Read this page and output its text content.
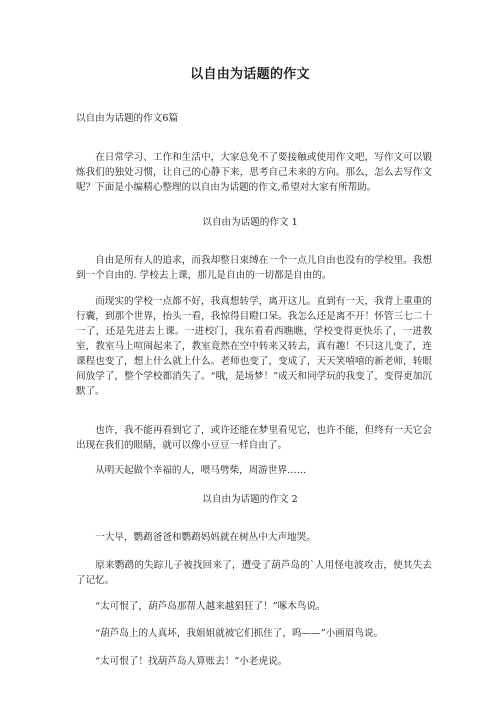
以自由为话题的作文
以自由为话题的作文6篇
在日常学习、工作和生活中，大家总免不了要接触或使用作文吧，写作文可以锻炼我们的独处习惯，让自己的心静下来，思考自己未来的方向。那么，怎么去写作文呢？下面是小编精心整理的以自由为话题的作文,希望对大家有所帮助。
以自由为话题的作文 1
自由是所有人的追求，而我却整日束缚在一个一点儿自由也没有的学校里。我想到一个自由的. 学校去上课，那儿是自由的一切都是自由的。
而现实的学校一点都不好，我真想转学，离开这儿。直到有一天，我背上重重的行囊，到那个世界，抬头一看，我惊得目瞪口呆。我怎么还是离不开！怀管三七二十一了，还是先进去上课。一进校门，我东看看西瞧瞧，学校变得更快乐了，一进教室，教室马上喧闹起来了，教室竟然在空中转来又转去，真有趣！不只这儿变了，连课程也变了，想上什么就上什么。老师也变了，变成了，天天笑嘻嘻的新老师，转眼间放学了，整个学校都消失了。“哦，是场梦！”成天和同学玩的我变了，变得更加沉默了。
也许，我不能再看到它了，或许还能在梦里看见它，也许不能，但终有一天它会出现在我们的眼睛，就可以像小豆豆一样自由了。
从明天起做个幸福的人，喂马劈柴，周游世界……
以自由为话题的作文 2
一大早，鹦鹉爸爸和鹦鹉妈妈就在树丛中大声地哭。
原来鹦鹉的失踪儿子被找回来了，遭受了葫芦岛的`人用怪电波攻击，使其失去了记忆。
“太可恨了，葫芦岛那帮人越来越猖狂了！”啄木鸟说。
“葫芦岛上的人真坏，我姐姐就被它们抓住了，呜——”小画眉鸟说。
“太可恨了！找葫芦岛人算账去！”小老虎说。
